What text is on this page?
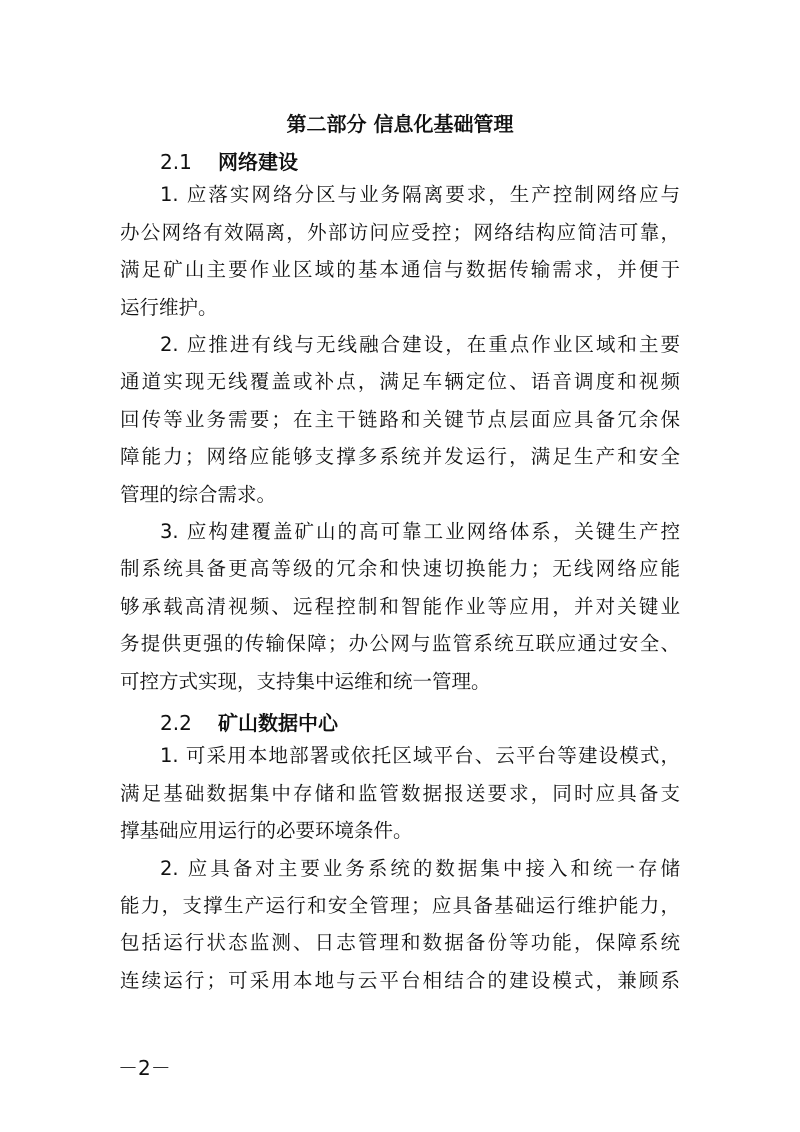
第二部分 信息化基础管理
2.1 网络建设
1. 应落实网络分区与业务隔离要求，生产控制网络应与
办公网络有效隔离，外部访问应受控；网络结构应简洁可靠，
满足矿山主要作业区域的基本通信与数据传输需求，并便于
运行维护。
2. 应推进有线与无线融合建设，在重点作业区域和主要
通道实现无线覆盖或补点，满足车辆定位、语音调度和视频
回传等业务需要；在主干链路和关键节点层面应具备冗余保
障能力；网络应能够支撑多系统并发运行，满足生产和安全
管理的综合需求。
3. 应构建覆盖矿山的高可靠工业网络体系，关键生产控
制系统具备更高等级的冗余和快速切换能力；无线网络应能
够承载高清视频、远程控制和智能作业等应用，并对关键业
务提供更强的传输保障；办公网与监管系统互联应通过安全、
可控方式实现，支持集中运维和统一管理。
2.2 矿山数据中心
1. 可采用本地部署或依托区域平台、云平台等建设模式，
满足基础数据集中存储和监管数据报送要求，同时应具备支
撑基础应用运行的必要环境条件。
2. 应具备对主要业务系统的数据集中接入和统一存储
能力，支撑生产运行和安全管理；应具备基础运行维护能力，
包括运行状态监测、日志管理和数据备份等功能，保障系统
连续运行；可采用本地与云平台相结合的建设模式，兼顾系
－2－
